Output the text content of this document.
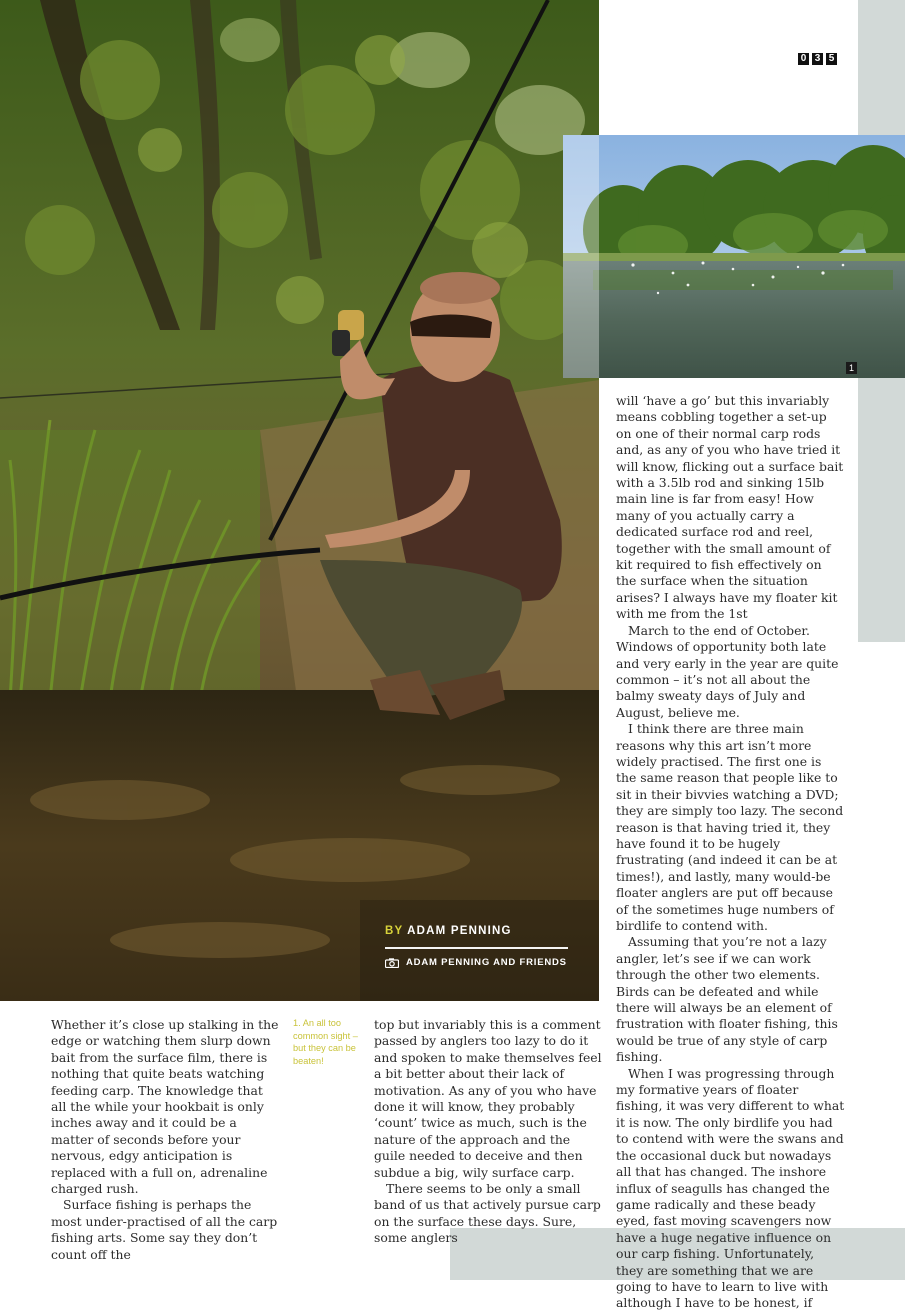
1
0 3 5
BY ADAM PENNING
ADAM PENNING AND FRIENDS
1. An all too common sight – but they can be beaten!

Whether it’s close up stalking in the edge or watching them slurp down bait from the surface film, there is nothing that quite beats watching feeding carp. The knowledge that all the while your hookbait is only inches away and it could be a matter of seconds before your nervous, edgy anticipation is replaced with a full on, adrenaline charged rush.

Surface fishing is perhaps the most under-practised of all the carp fishing arts. Some say they don’t count off the

top but invariably this is a comment passed by anglers too lazy to do it and spoken to make themselves feel a bit better about their lack of motivation. As any of you who have done it will know, they probably ‘count’ twice as much, such is the nature of the approach and the guile needed to deceive and then subdue a big, wily surface carp.

There seems to be only a small band of us that actively pursue carp on the surface these days. Sure, some anglers

will ‘have a go’ but this invariably means cobbling together a set-up on one of their normal carp rods and, as any of you who have tried it will know, flicking out a surface bait with a 3.5lb rod and sinking 15lb main line is far from easy! How many of you actually carry a dedicated surface rod and reel, together with the small amount of kit required to fish effectively on the surface when the situation arises? I always have my floater kit with me from the 1st

March to the end of October. Windows of opportunity both late and very early in the year are quite common – it’s not all about the balmy sweaty days of July and August, believe me.

I think there are three main reasons why this art isn’t more widely practised. The first one is the same reason that people like to sit in their bivvies watching a DVD; they are simply too lazy. The second reason is that having tried it, they have found it to be hugely frustrating (and indeed it can be at times!), and lastly, many would-be floater anglers are put off because of the sometimes huge numbers of birdlife to contend with.

Assuming that you’re not a lazy angler, let’s see if we can work through the other two elements. Birds can be defeated and while there will always be an element of frustration with floater fishing, this would be true of any style of carp fishing.

When I was progressing through my formative years of floater fishing, it was very different to what it is now. The only birdlife you had to contend with were the swans and the occasional duck but nowadays all that has changed. The inshore influx of seagulls has changed the game radically and these beady eyed, fast moving scavengers now have a huge negative influence on our carp fishing. Unfortunately, they are something that we are going to have to learn to live with although I have to be honest, if
